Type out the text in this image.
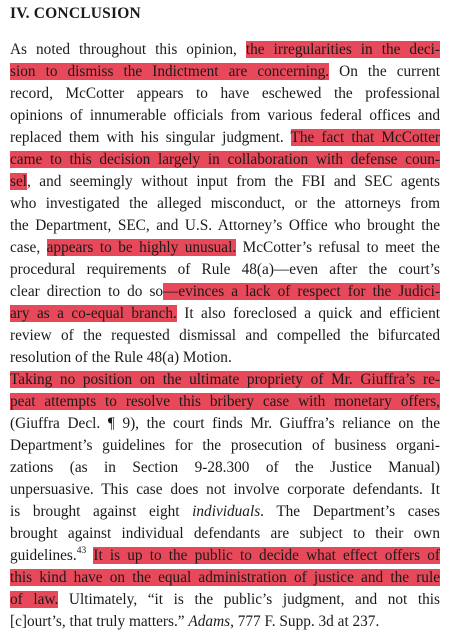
IV. CONCLUSION
As noted throughout this opinion, the irregularities in the deci-
sion to dismiss the Indictment are concerning. On the current
record, McCotter appears to have eschewed the professional
opinions of innumerable officials from various federal offices and
replaced them with his singular judgment. The fact that McCotter
came to this decision largely in collaboration with defense coun-
sel, and seemingly without input from the FBI and SEC agents
who investigated the alleged misconduct, or the attorneys from
the Department, SEC, and U.S. Attorney’s Office who brought the
case, appears to be highly unusual. McCotter’s refusal to meet the
procedural requirements of Rule 48(a)—even after the court’s
clear direction to do so—evinces a lack of respect for the Judici-
ary as a co-equal branch. It also foreclosed a quick and efficient
review of the requested dismissal and compelled the bifurcated
resolution of the Rule 48(a) Motion.
Taking no position on the ultimate propriety of Mr. Giuffra’s re-
peat attempts to resolve this bribery case with monetary offers,
(Giuffra Decl. ¶ 9), the court finds Mr. Giuffra’s reliance on the
Department’s guidelines for the prosecution of business organi-
zations (as in Section 9-28.300 of the Justice Manual)
unpersuasive. This case does not involve corporate defendants. It
is brought against eight individuals. The Department’s cases
brought against individual defendants are subject to their own
guidelines.$^{43}$ It is up to the public to decide what effect offers of
this kind have on the equal administration of justice and the rule
of law. Ultimately, “it is the public’s judgment, and not this
[c]ourt’s, that truly matters.” Adams, 777 F. Supp. 3d at 237.
